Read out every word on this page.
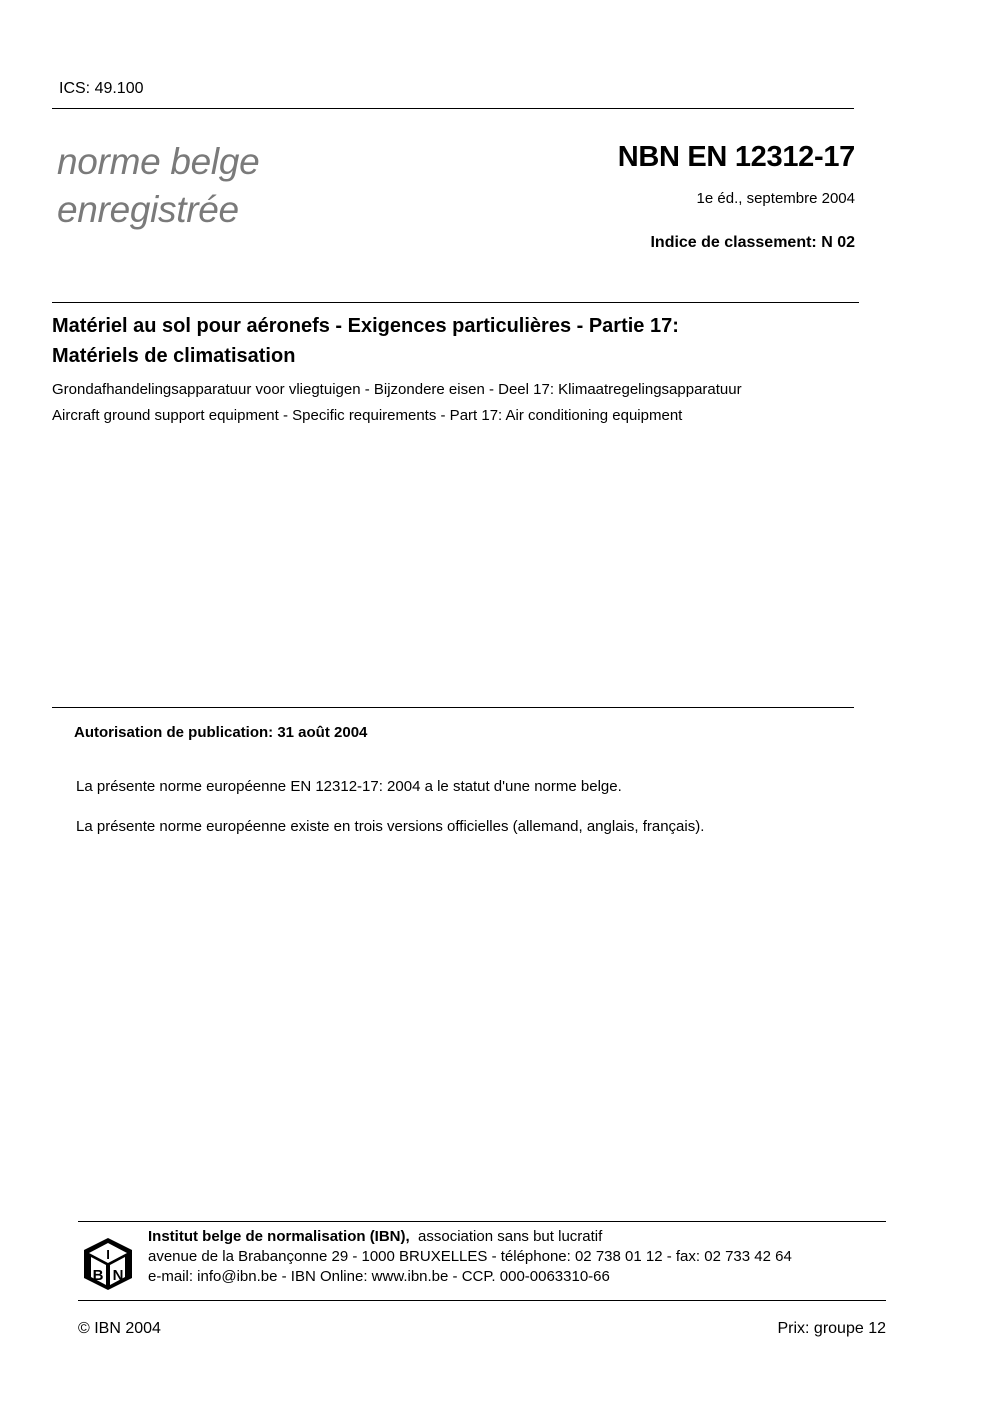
ICS: 49.100
norme belge
enregistrée
NBN EN 12312-17
1e éd., septembre 2004
Indice de classement: N 02
Matériel au sol pour aéronefs - Exigences particulières - Partie 17:
Matériels de climatisation
Grondafhandelingsapparatuur voor vliegtuigen - Bijzondere eisen - Deel 17: Klimaatregelingsapparatuur
Aircraft ground support equipment - Specific requirements - Part 17: Air conditioning equipment
Autorisation de publication: 31 août 2004
La présente norme européenne EN 12312-17: 2004 a le statut d'une norme belge.
La présente norme européenne existe en trois versions officielles (allemand, anglais, français).
I
B N
Institut belge de normalisation (IBN), association sans but lucratif
avenue de la Brabançonne 29 - 1000 BRUXELLES - téléphone: 02 738 01 12 - fax: 02 733 42 64
e-mail: info@ibn.be - IBN Online: www.ibn.be - CCP. 000-0063310-66
© IBN 2004	Prix: groupe 12
